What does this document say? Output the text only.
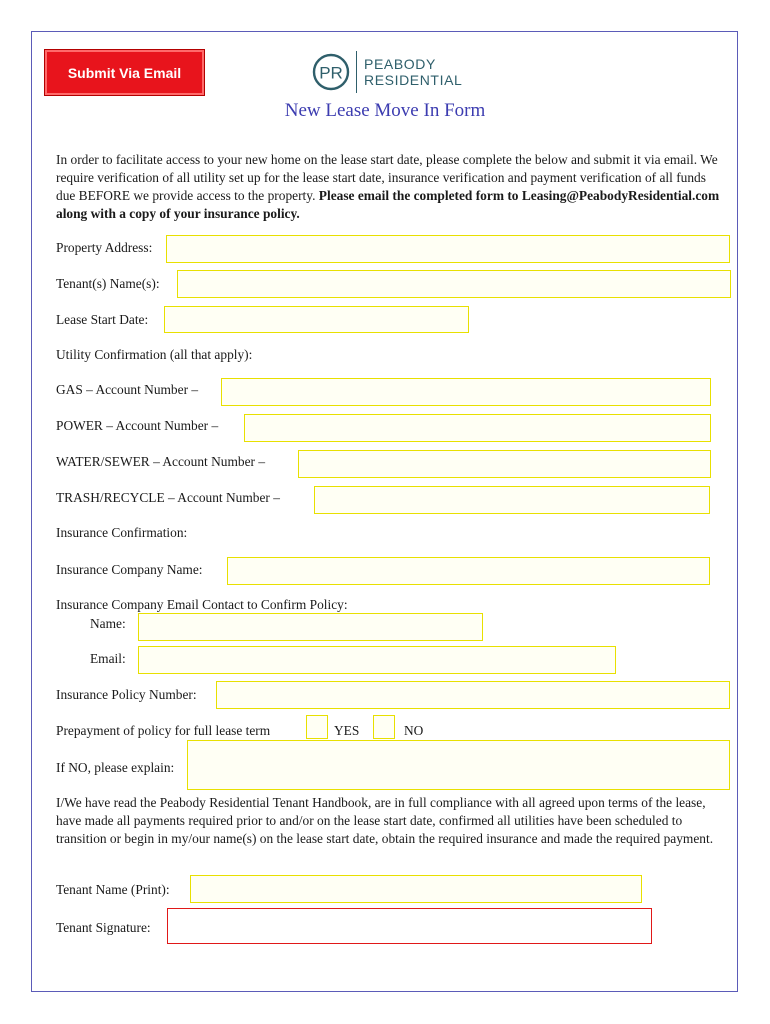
Submit Via Email	PR PEABODY
RESIDENTIAL
New Lease Move In Form
In order to facilitate access to your new home on the lease start date, please complete the below and submit it via email. We require verification of all utility set up for the lease start date, insurance verification and payment verification of all funds due BEFORE we provide access to the property. Please email the completed form to Leasing@PeabodyResidential.com along with a copy of your insurance policy.
Property Address:
Tenant(s) Name(s):
Lease Start Date:
Utility Confirmation (all that apply):
GAS – Account Number –
POWER – Account Number –
WATER/SEWER – Account Number –
TRASH/RECYCLE – Account Number –
Insurance Confirmation:
Insurance Company Name:
Insurance Company Email Contact to Confirm Policy:
Name:
Email:
Insurance Policy Number:
Prepayment of policy for full lease term	YES	NO
If NO, please explain:
I/We have read the Peabody Residential Tenant Handbook, are in full compliance with all agreed upon terms of the lease, have made all payments required prior to and/or on the lease start date, confirmed all utilities have been scheduled to transition or begin in my/our name(s) on the lease start date, obtain the required insurance and made the required payment.
Tenant Name (Print):
Tenant Signature:
